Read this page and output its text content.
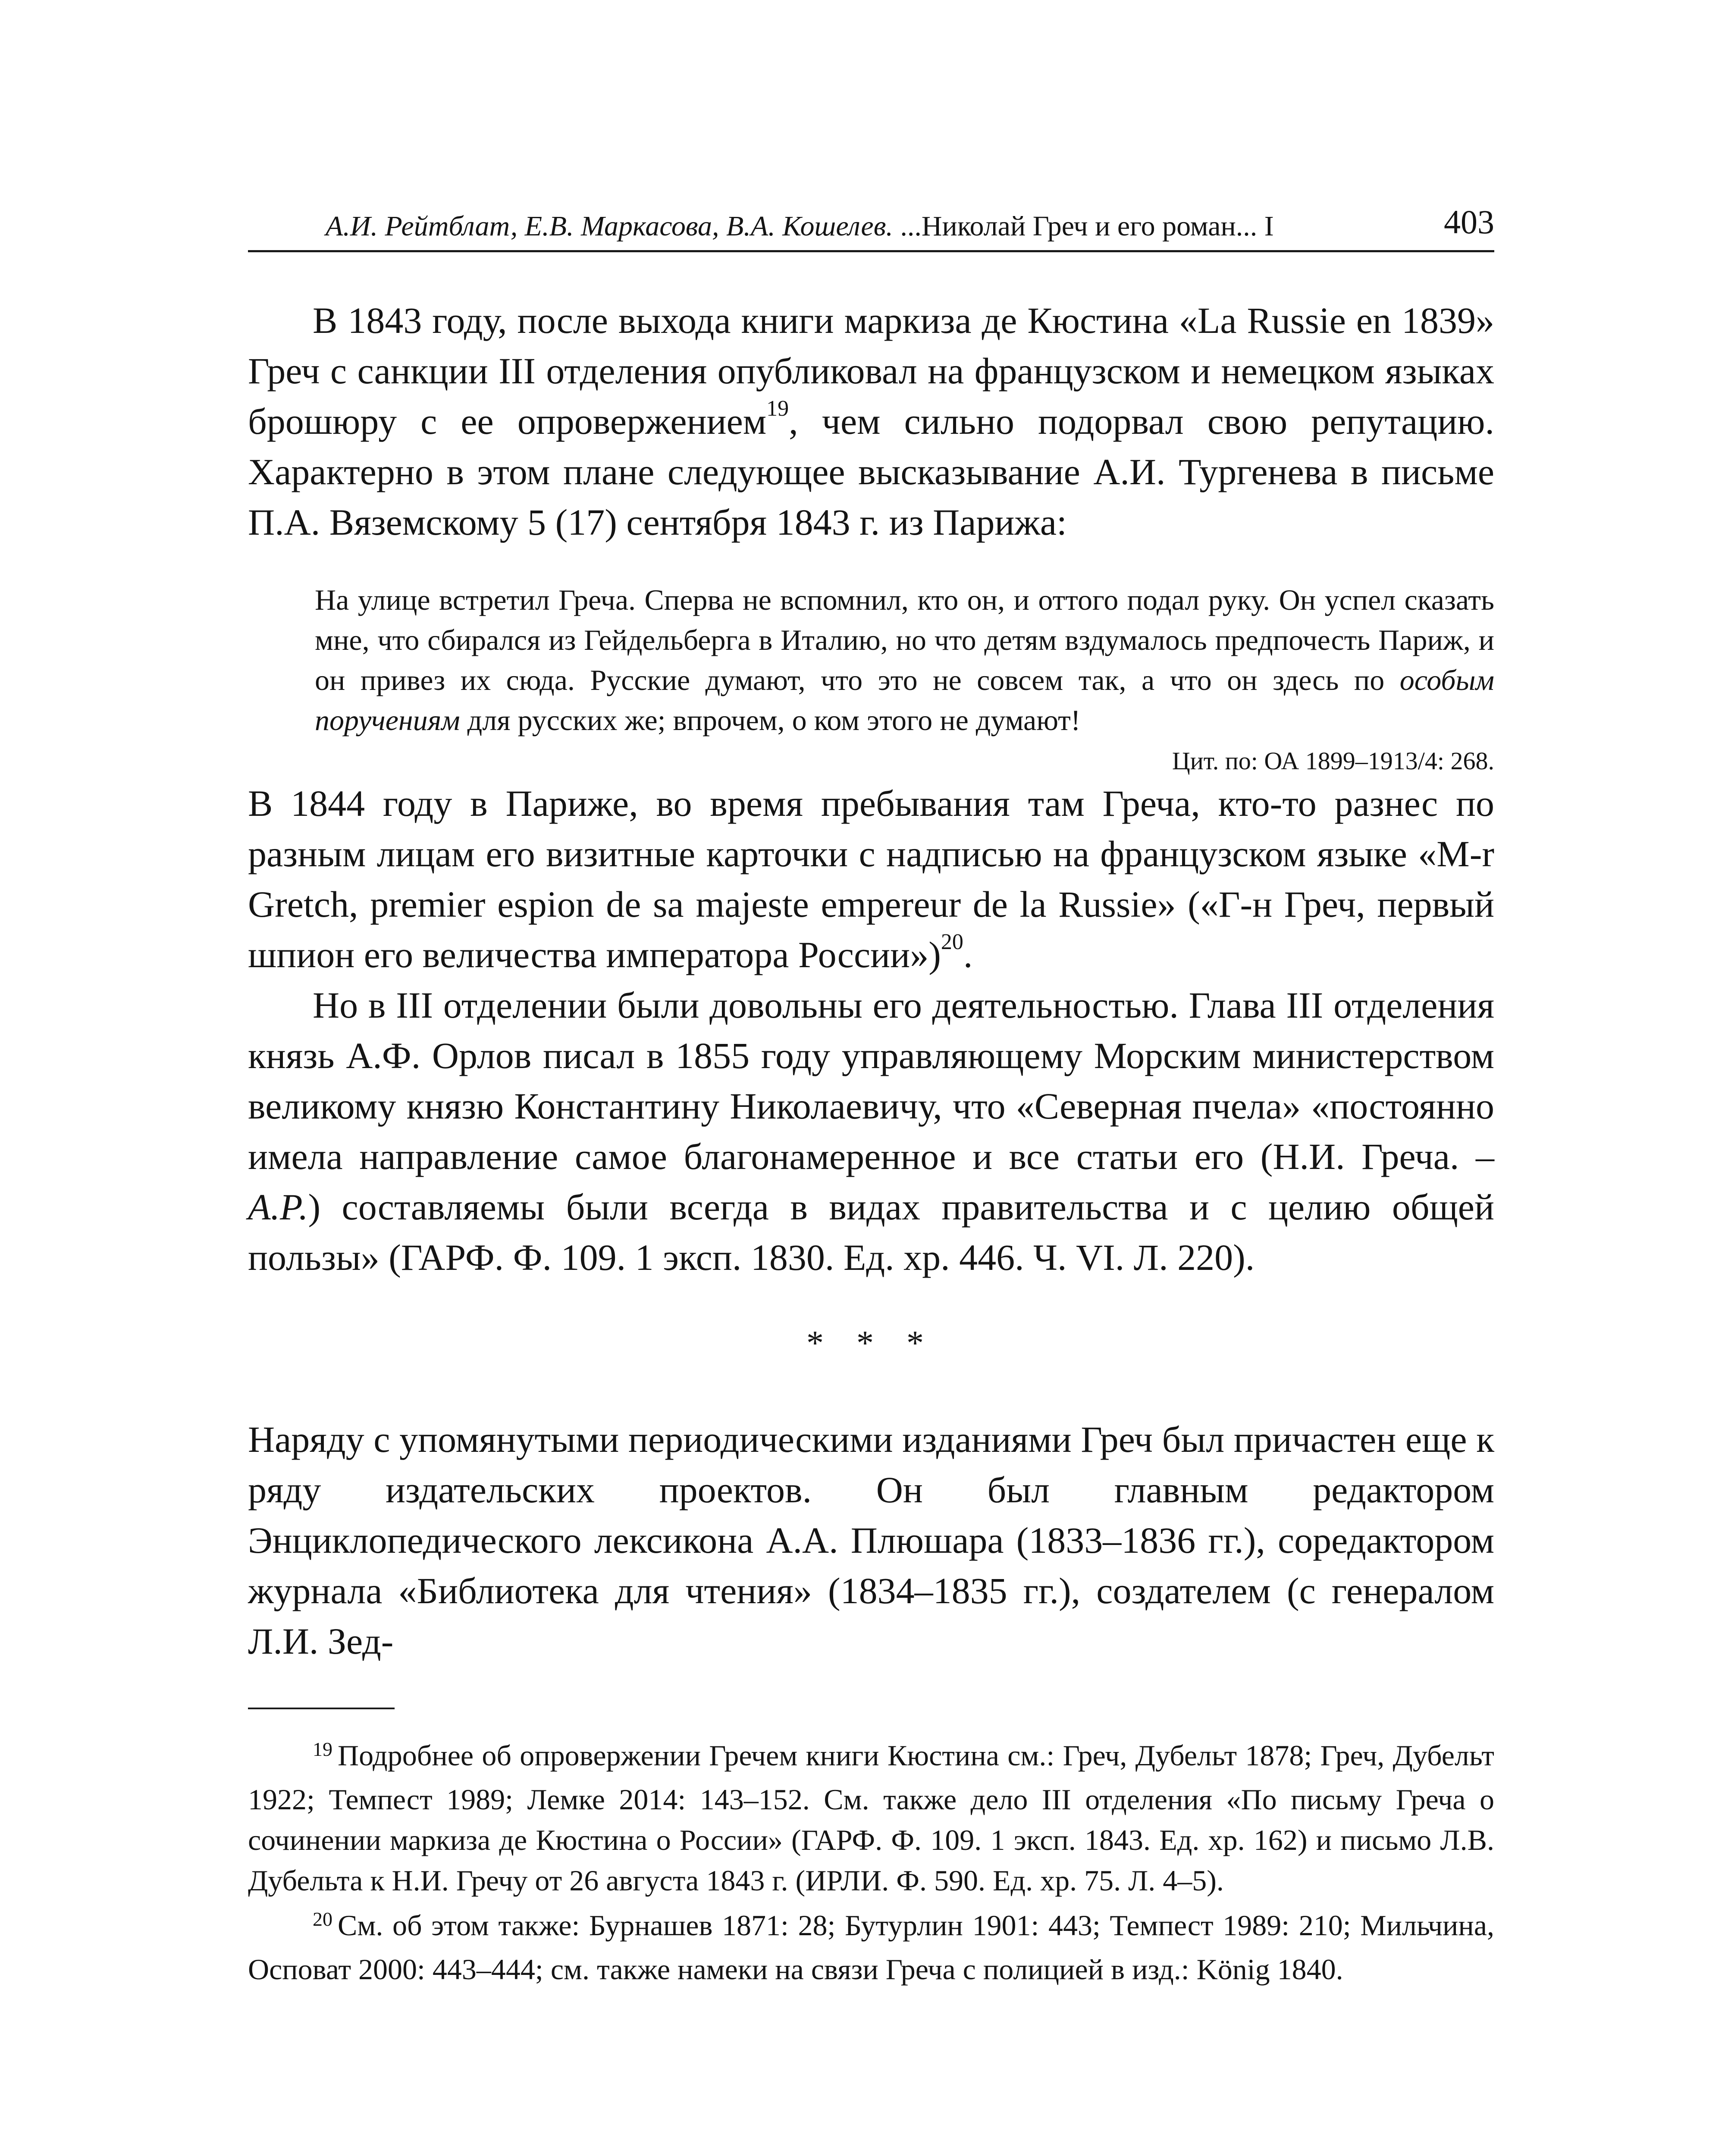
А.И. Рейтблат, Е.В. Маркасова, В.А. Кошелев. ...Николай Греч и его роман... I	403

В 1843 году, после выхода книги маркиза де Кюстина «La Russie en 1839» Греч с санкции III отделения опубликовал на французском и немецком языках брошюру с ее опровержением$^{19}$, чем сильно подорвал свою репутацию. Характерно в этом плане следующее высказывание А.И. Тургенева в письме П.А. Вяземскому 5 (17) сентября 1843 г. из Парижа:

На улице встретил Греча. Сперва не вспомнил, кто он, и оттого подал руку. Он успел сказать мне, что сбирался из Гейдельберга в Италию, но что детям вздумалось предпочесть Париж, и он привез их сюда. Русские думают, что это не совсем так, а что он здесь по особым поручениям для русских же; впрочем, о ком этого не думают!

Цит. по: ОА 1899–1913/4: 268.

В 1844 году в Париже, во время пребывания там Греча, кто-то разнес по разным лицам его визитные карточки с надписью на французском языке «M-r Gretch, premier espion de sa majeste empereur de la Russie» («Г-н Греч, первый шпион его величества императора России»)$^{20}$.

Но в III отделении были довольны его деятельностью. Глава III отделения князь А.Ф. Орлов писал в 1855 году управляющему Морским министерством великому князю Константину Николаевичу, что «Северная пчела» «постоянно имела направление самое благонамеренное и все статьи его (Н.И. Греча. – А.Р.) составляемы были всегда в видах правительства и с целию общей пользы» (ГАРФ. Ф. 109. 1 эксп. 1830. Ед. хр. 446. Ч. VI. Л. 220).

* * *

Наряду с упомянутыми периодическими изданиями Греч был причастен еще к ряду издательских проектов. Он был главным редактором Энциклопедического лексикона А.А. Плюшара (1833–1836 гг.), соредактором журнала «Библиотека для чтения» (1834–1835 гг.), создателем (с генералом Л.И. Зед-

$^{19}$ Подробнее об опровержении Гречем книги Кюстина см.: Греч, Дубельт 1878; Греч, Дубельт 1922; Темпест 1989; Лемке 2014: 143–152. См. также дело III отделения «По письму Греча о сочинении маркиза де Кюстина о России» (ГАРФ. Ф. 109. 1 эксп. 1843. Ед. хр. 162) и письмо Л.В. Дубельта к Н.И. Гречу от 26 августа 1843 г. (ИРЛИ. Ф. 590. Ед. хр. 75. Л. 4–5).

$^{20}$ См. об этом также: Бурнашев 1871: 28; Бутурлин 1901: 443; Темпест 1989: 210; Мильчина, Осповат 2000: 443–444; см. также намеки на связи Греча с полицией в изд.: König 1840.
